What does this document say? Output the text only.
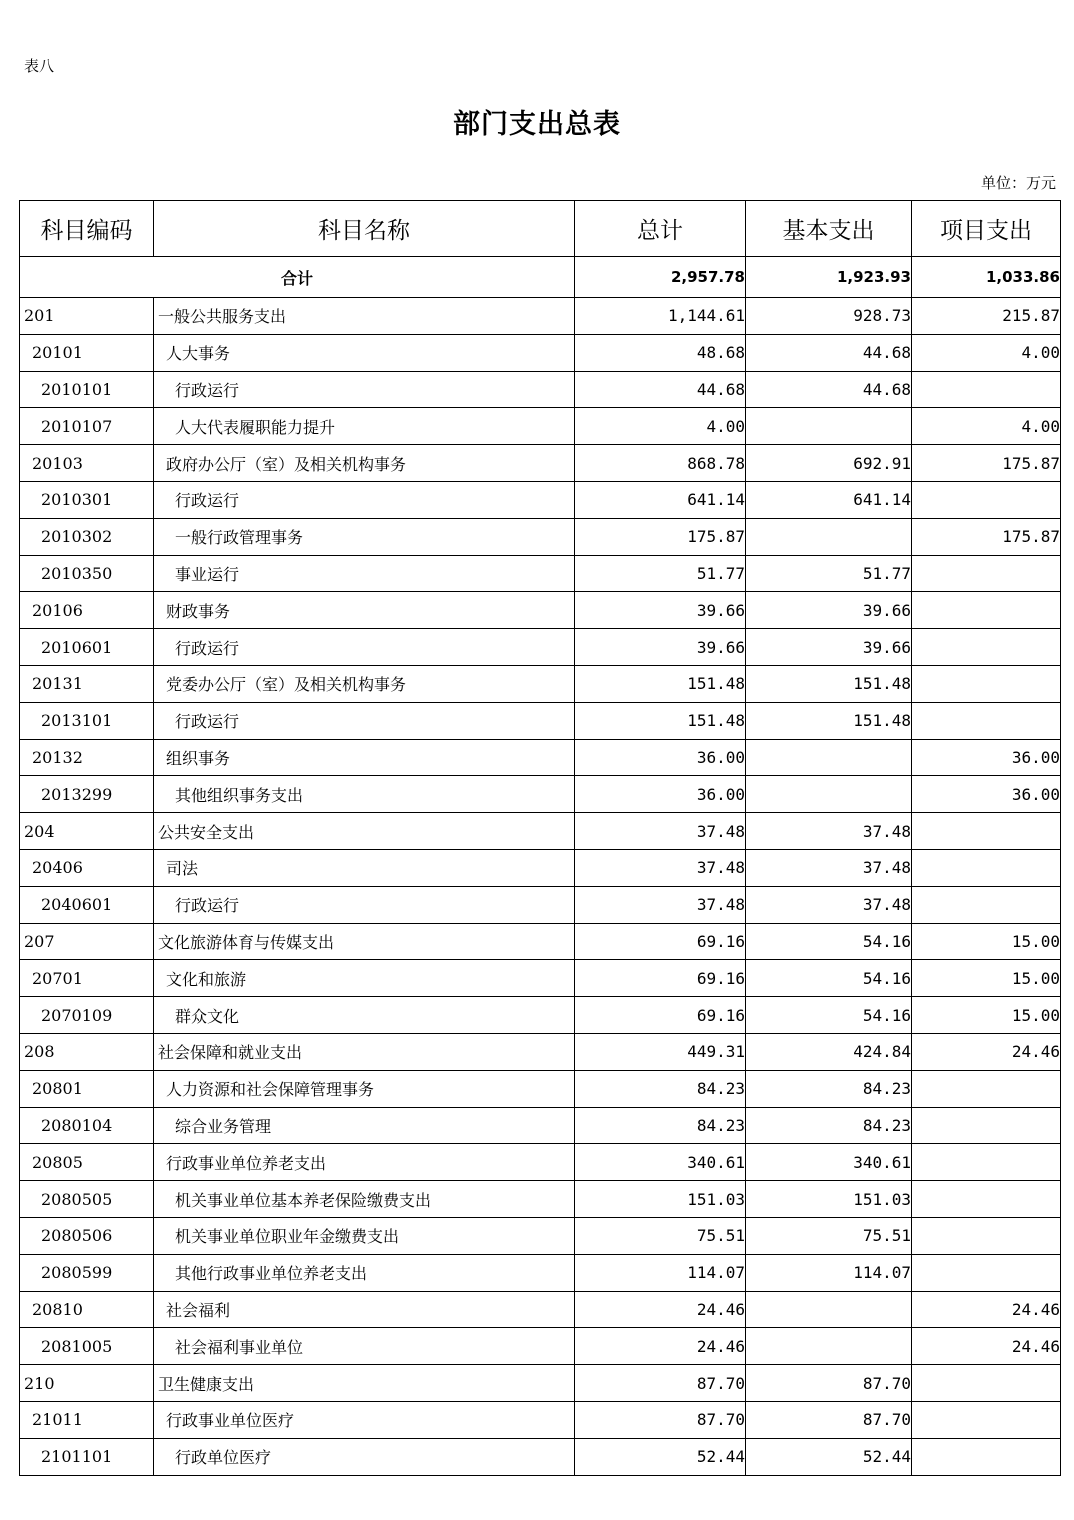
表八
部门支出总表
单位：万元
科目编码	科目名称	总计	基本支出	项目支出
合计		2,957.78	1,923.93	1,033.86
201	一般公共服务支出	1,144.61	928.73	215.87
20101	人大事务	48.68	44.68	4.00
2010101	行政运行	44.68	44.68	
2010107	人大代表履职能力提升	4.00		4.00
20103	政府办公厅（室）及相关机构事务	868.78	692.91	175.87
2010301	行政运行	641.14	641.14	
2010302	一般行政管理事务	175.87		175.87
2010350	事业运行	51.77	51.77	
20106	财政事务	39.66	39.66	
2010601	行政运行	39.66	39.66	
20131	党委办公厅（室）及相关机构事务	151.48	151.48	
2013101	行政运行	151.48	151.48	
20132	组织事务	36.00		36.00
2013299	其他组织事务支出	36.00		36.00
204	公共安全支出	37.48	37.48	
20406	司法	37.48	37.48	
2040601	行政运行	37.48	37.48	
207	文化旅游体育与传媒支出	69.16	54.16	15.00
20701	文化和旅游	69.16	54.16	15.00
2070109	群众文化	69.16	54.16	15.00
208	社会保障和就业支出	449.31	424.84	24.46
20801	人力资源和社会保障管理事务	84.23	84.23	
2080104	综合业务管理	84.23	84.23	
20805	行政事业单位养老支出	340.61	340.61	
2080505	机关事业单位基本养老保险缴费支出	151.03	151.03	
2080506	机关事业单位职业年金缴费支出	75.51	75.51	
2080599	其他行政事业单位养老支出	114.07	114.07	
20810	社会福利	24.46		24.46
2081005	社会福利事业单位	24.46		24.46
210	卫生健康支出	87.70	87.70	
21011	行政事业单位医疗	87.70	87.70	
2101101	行政单位医疗	52.44	52.44	
